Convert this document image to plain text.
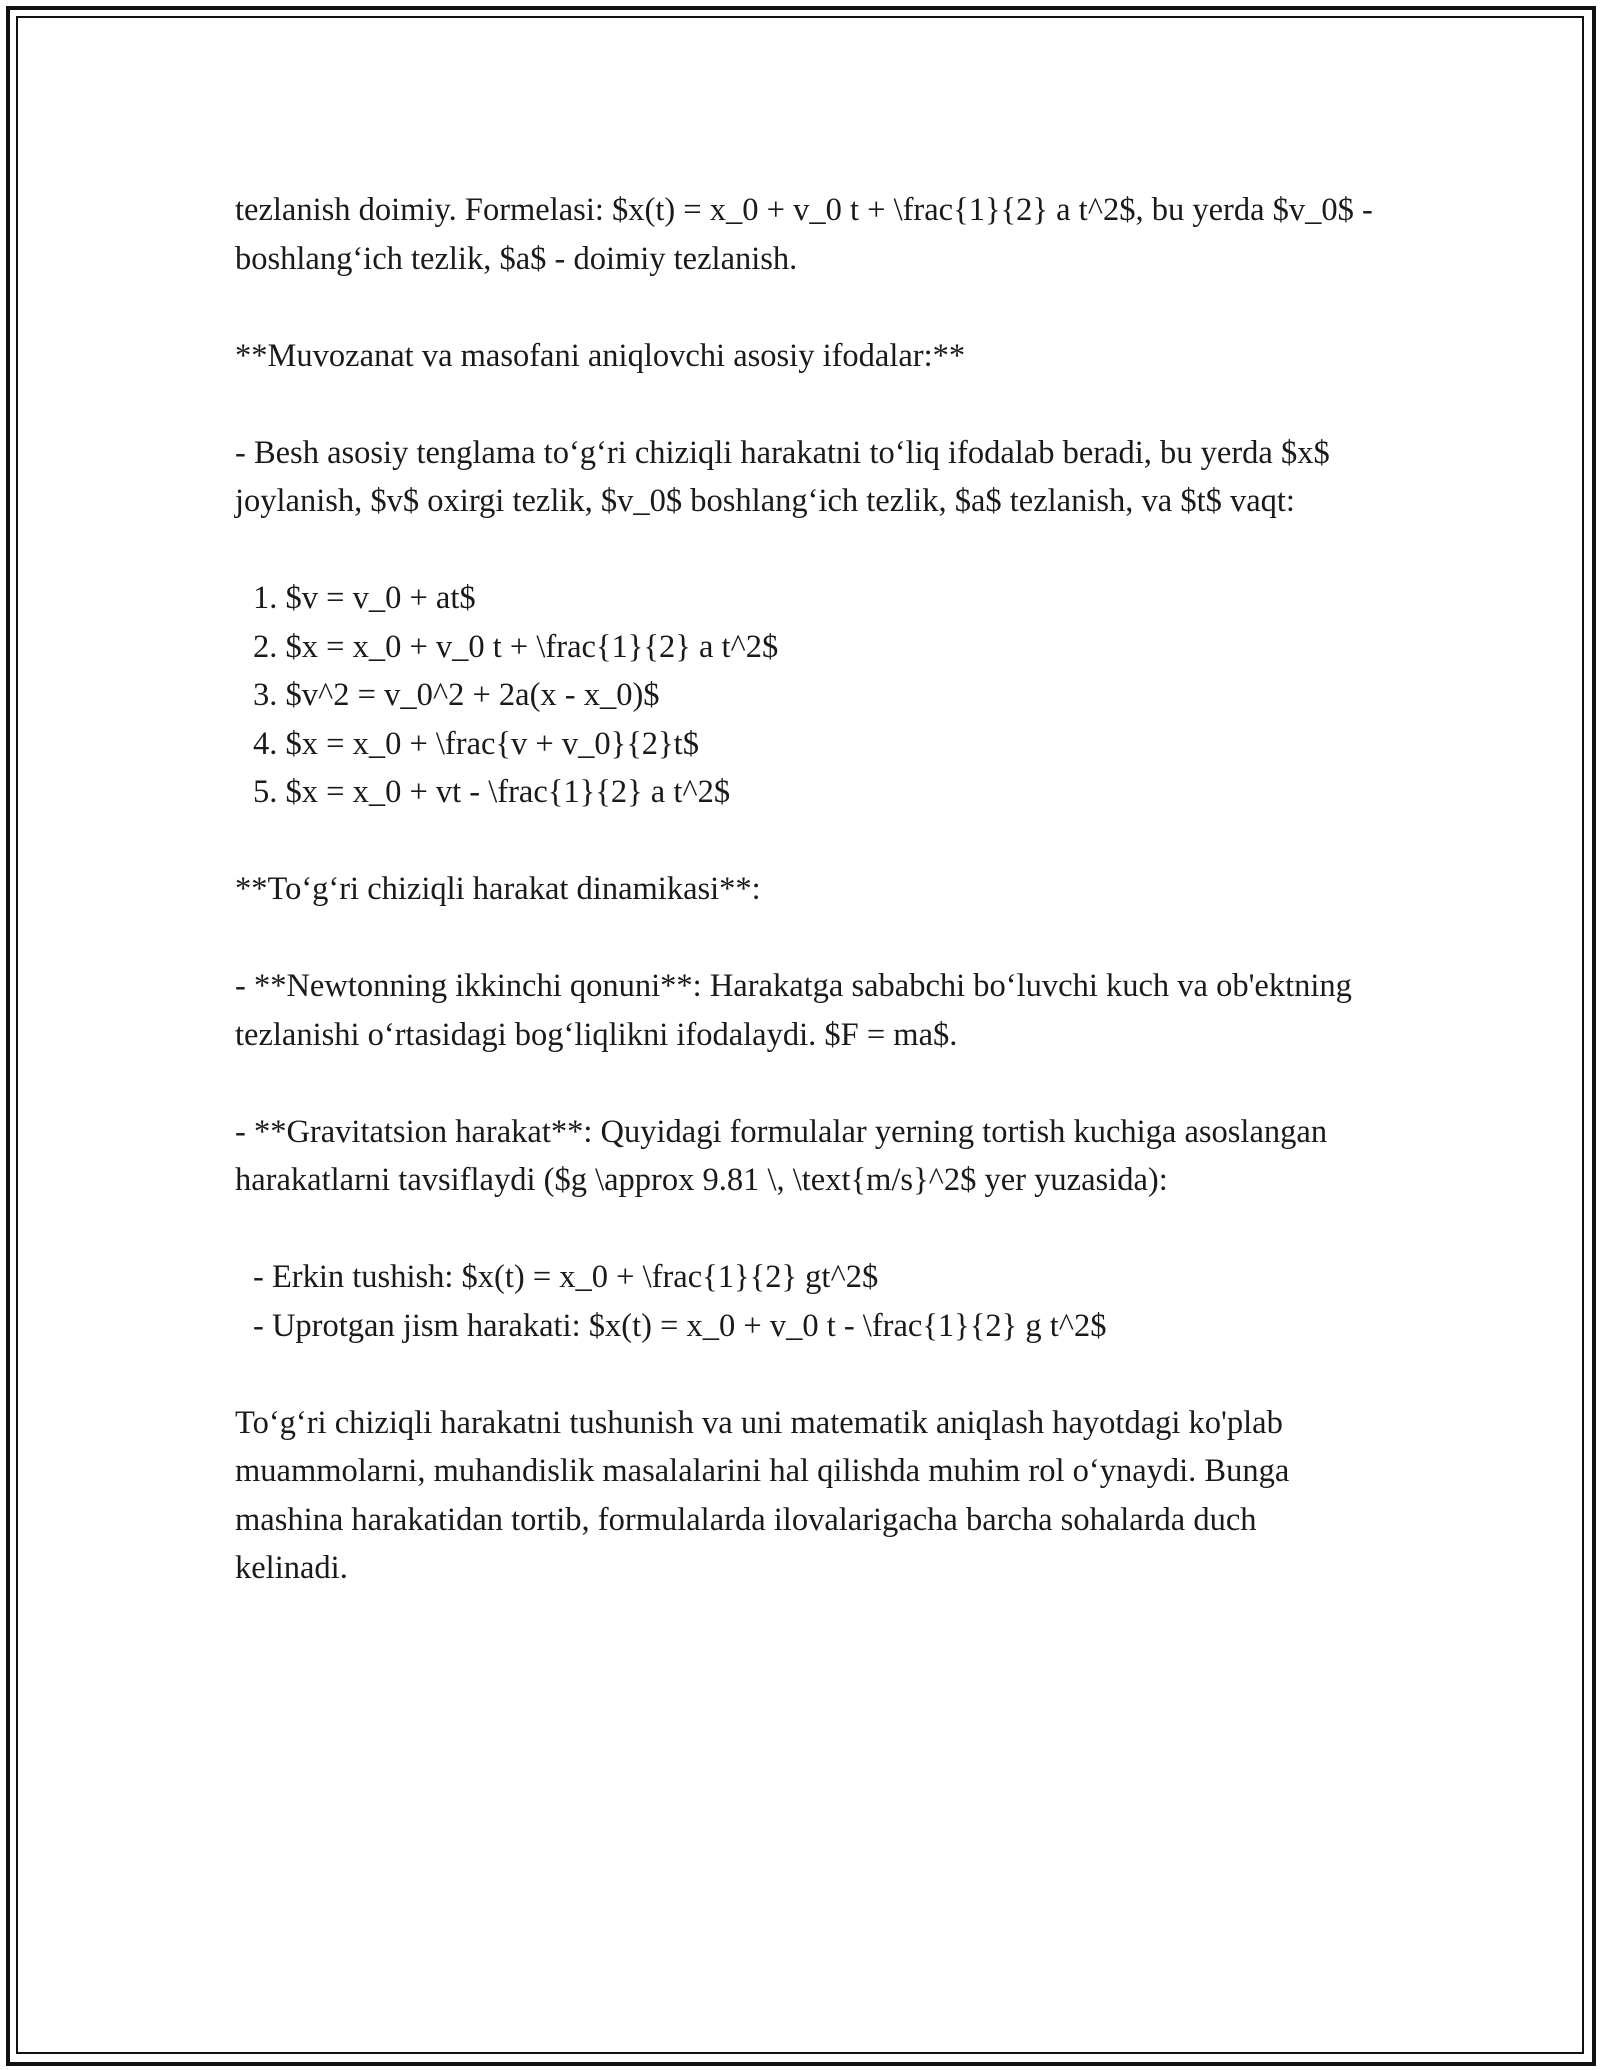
tezlanish doimiy. Formelasi: $x(t) = x_0 + v_0 t + \frac{1}{2} a t^2$, bu yerda $v_0$ - boshlang‘ich tezlik, $a$ - doimiy tezlanish.

**Muvozanat va masofani aniqlovchi asosiy ifodalar:**

- Besh asosiy tenglama to‘g‘ri chiziqli harakatni to‘liq ifodalab beradi, bu yerda $x$ joylanish, $v$ oxirgi tezlik, $v_0$ boshlang‘ich tezlik, $a$ tezlanish, va $t$ vaqt:

1. $v = v_0 + at$

2. $x = x_0 + v_0 t + \frac{1}{2} a t^2$

3. $v^2 = v_0^2 + 2a(x - x_0)$

4. $x = x_0 + \frac{v + v_0}{2}t$

5. $x = x_0 + vt - \frac{1}{2} a t^2$

**To‘g‘ri chiziqli harakat dinamikasi**:

- **Newtonning ikkinchi qonuni**: Harakatga sababchi bo‘luvchi kuch va ob'ektning tezlanishi o‘rtasidagi bog‘liqlikni ifodalaydi. $F = ma$.

- **Gravitatsion harakat**: Quyidagi formulalar yerning tortish kuchiga asoslangan harakatlarni tavsiflaydi ($g \approx 9.81 \, \text{m/s}^2$ yer yuzasida):

- Erkin tushish: $x(t) = x_0 + \frac{1}{2} gt^2$

- Uprotgan jism harakati: $x(t) = x_0 + v_0 t - \frac{1}{2} g t^2$

To‘g‘ri chiziqli harakatni tushunish va uni matematik aniqlash hayotdagi ko'plab muammolarni, muhandislik masalalarini hal qilishda muhim rol o‘ynaydi. Bunga mashina harakatidan tortib, formulalarda ilovalarigacha barcha sohalarda duch kelinadi.
